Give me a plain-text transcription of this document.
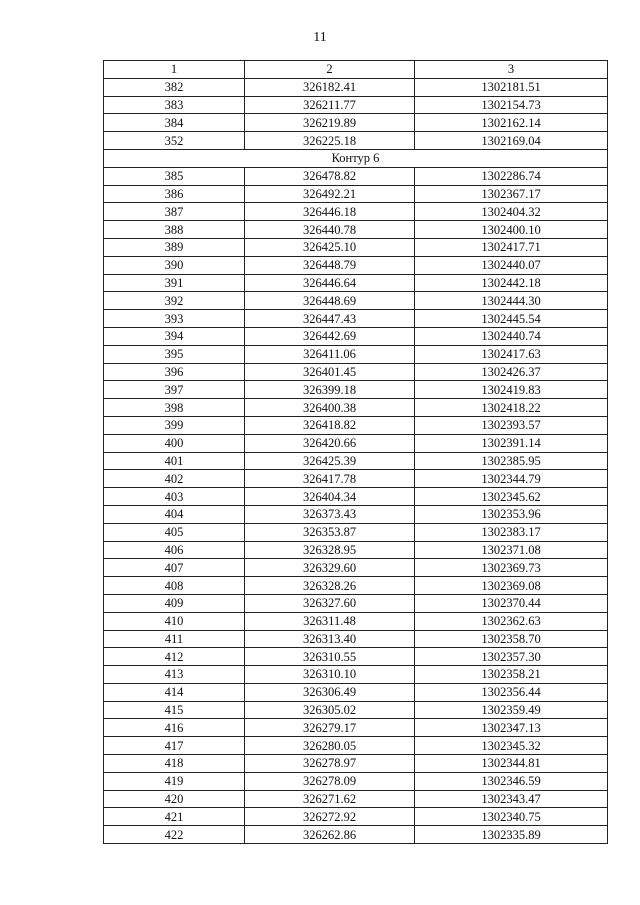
11
1	2	3
382	326182.41	1302181.51
383	326211.77	1302154.73
384	326219.89	1302162.14
352	326225.18	1302169.04
Контур 6		
385	326478.82	1302286.74
386	326492.21	1302367.17
387	326446.18	1302404.32
388	326440.78	1302400.10
389	326425.10	1302417.71
390	326448.79	1302440.07
391	326446.64	1302442.18
392	326448.69	1302444.30
393	326447.43	1302445.54
394	326442.69	1302440.74
395	326411.06	1302417.63
396	326401.45	1302426.37
397	326399.18	1302419.83
398	326400.38	1302418.22
399	326418.82	1302393.57
400	326420.66	1302391.14
401	326425.39	1302385.95
402	326417.78	1302344.79
403	326404.34	1302345.62
404	326373.43	1302353.96
405	326353.87	1302383.17
406	326328.95	1302371.08
407	326329.60	1302369.73
408	326328.26	1302369.08
409	326327.60	1302370.44
410	326311.48	1302362.63
411	326313.40	1302358.70
412	326310.55	1302357.30
413	326310.10	1302358.21
414	326306.49	1302356.44
415	326305.02	1302359.49
416	326279.17	1302347.13
417	326280.05	1302345.32
418	326278.97	1302344.81
419	326278.09	1302346.59
420	326271.62	1302343.47
421	326272.92	1302340.75
422	326262.86	1302335.89
